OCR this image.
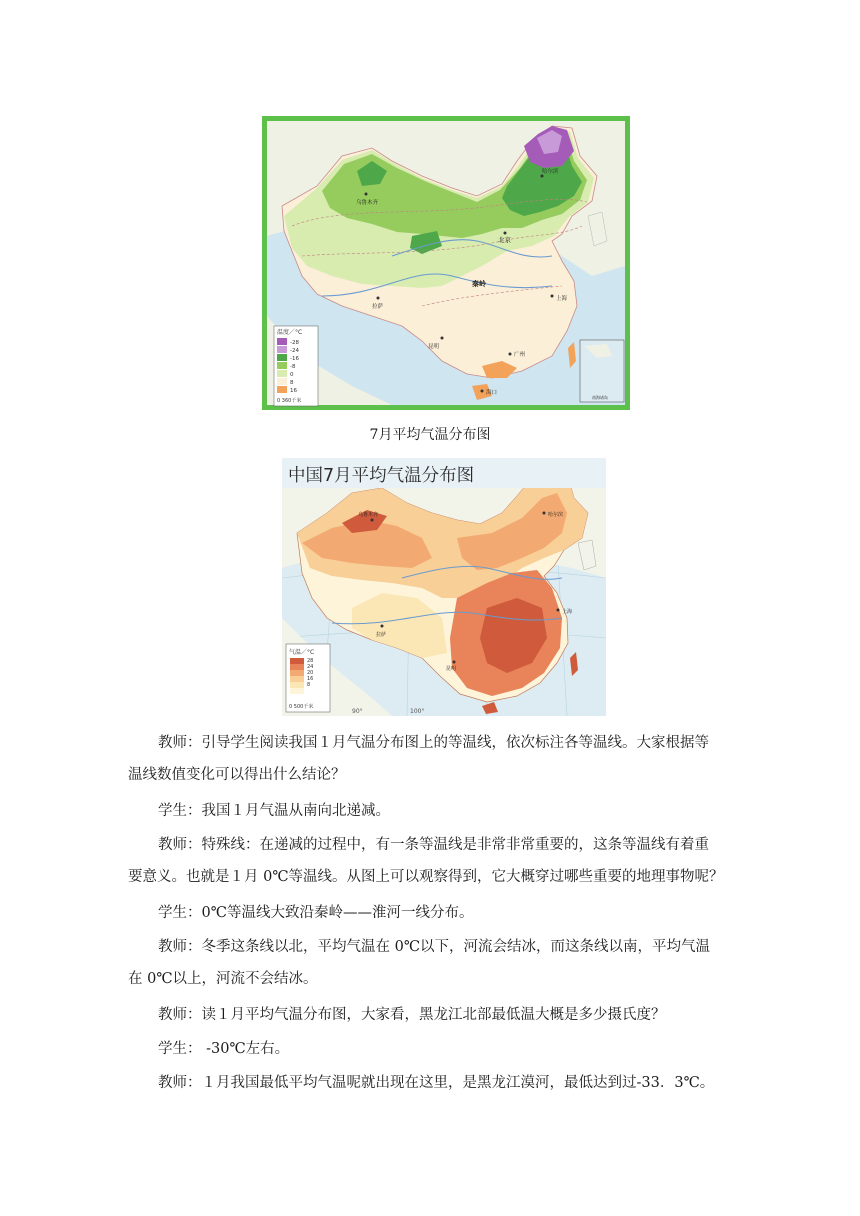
温度／°C
-28
-24
-16
-8
0
8
16
0 360千米
乌鲁木齐
哈尔滨
北京
秦岭
拉萨
上海
昆明
广州
海口
南海诸岛
7月平均气温分布图
中国7月平均气温分布图
气温／°C
28
24
20
16
8
0 500千米
90°	100°
乌鲁木齐	哈尔滨
拉萨
昆明
上海
教师：引导学生阅读我国１月气温分布图上的等温线，依次标注各等温线。大家根据等
温线数值变化可以得出什么结论？
学生：我国１月气温从南向北递减。
教师：特殊线：在递减的过程中，有一条等温线是非常非常重要的，这条等温线有着重
要意义。也就是１月 0℃等温线。从图上可以观察得到，它大概穿过哪些重要的地理事物呢？
学生：0℃等温线大致沿秦岭——淮河一线分布。
教师：冬季这条线以北，平均气温在 0℃以下，河流会结冰，而这条线以南，平均气温
在 0℃以上，河流不会结冰。
教师：读１月平均气温分布图，大家看，黑龙江北部最低温大概是多少摄氏度？
学生： -30℃左右。
教师：１月我国最低平均气温呢就出现在这里，是黑龙江漠河，最低达到过-33．3℃。
